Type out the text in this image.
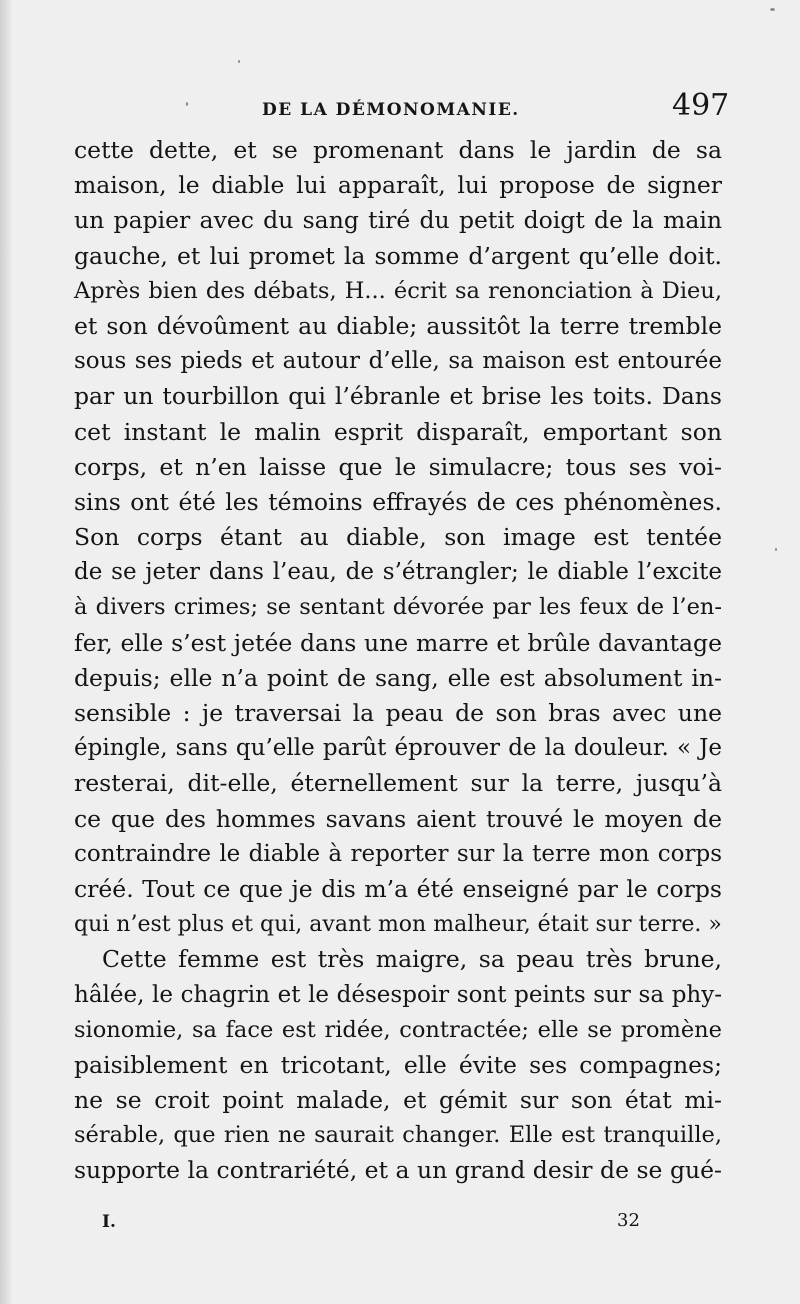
DE LA DÉMONOMANIE.	497
cette dette, et se promenant dans le jardin de sa
maison, le diable lui apparaît, lui propose de signer
un papier avec du sang tiré du petit doigt de la main
gauche, et lui promet la somme d’argent qu’elle doit.
Après bien des débats, H... écrit sa renonciation à Dieu,
et son dévoûment au diable; aussitôt la terre tremble
sous ses pieds et autour d’elle, sa maison est entourée
par un tourbillon qui l’ébranle et brise les toits. Dans
cet instant le malin esprit disparaît, emportant son
corps, et n’en laisse que le simulacre; tous ses voi-
sins ont été les témoins effrayés de ces phénomènes.
Son corps étant au diable, son image est tentée
de se jeter dans l’eau, de s’étrangler; le diable l’excite
à divers crimes; se sentant dévorée par les feux de l’en-
fer, elle s’est jetée dans une marre et brûle davantage
depuis; elle n’a point de sang, elle est absolument in-
sensible : je traversai la peau de son bras avec une
épingle, sans qu’elle parût éprouver de la douleur. « Je
resterai, dit-elle, éternellement sur la terre, jusqu’à
ce que des hommes savans aient trouvé le moyen de
contraindre le diable à reporter sur la terre mon corps
créé. Tout ce que je dis m’a été enseigné par le corps
qui n’est plus et qui, avant mon malheur, était sur terre. »
Cette femme est très maigre, sa peau très brune,
hâlée, le chagrin et le désespoir sont peints sur sa phy-
sionomie, sa face est ridée, contractée; elle se promène
paisiblement en tricotant, elle évite ses compagnes;
ne se croit point malade, et gémit sur son état mi-
sérable, que rien ne saurait changer. Elle est tranquille,
supporte la contrariété, et a un grand desir de se gué-
I.	32
